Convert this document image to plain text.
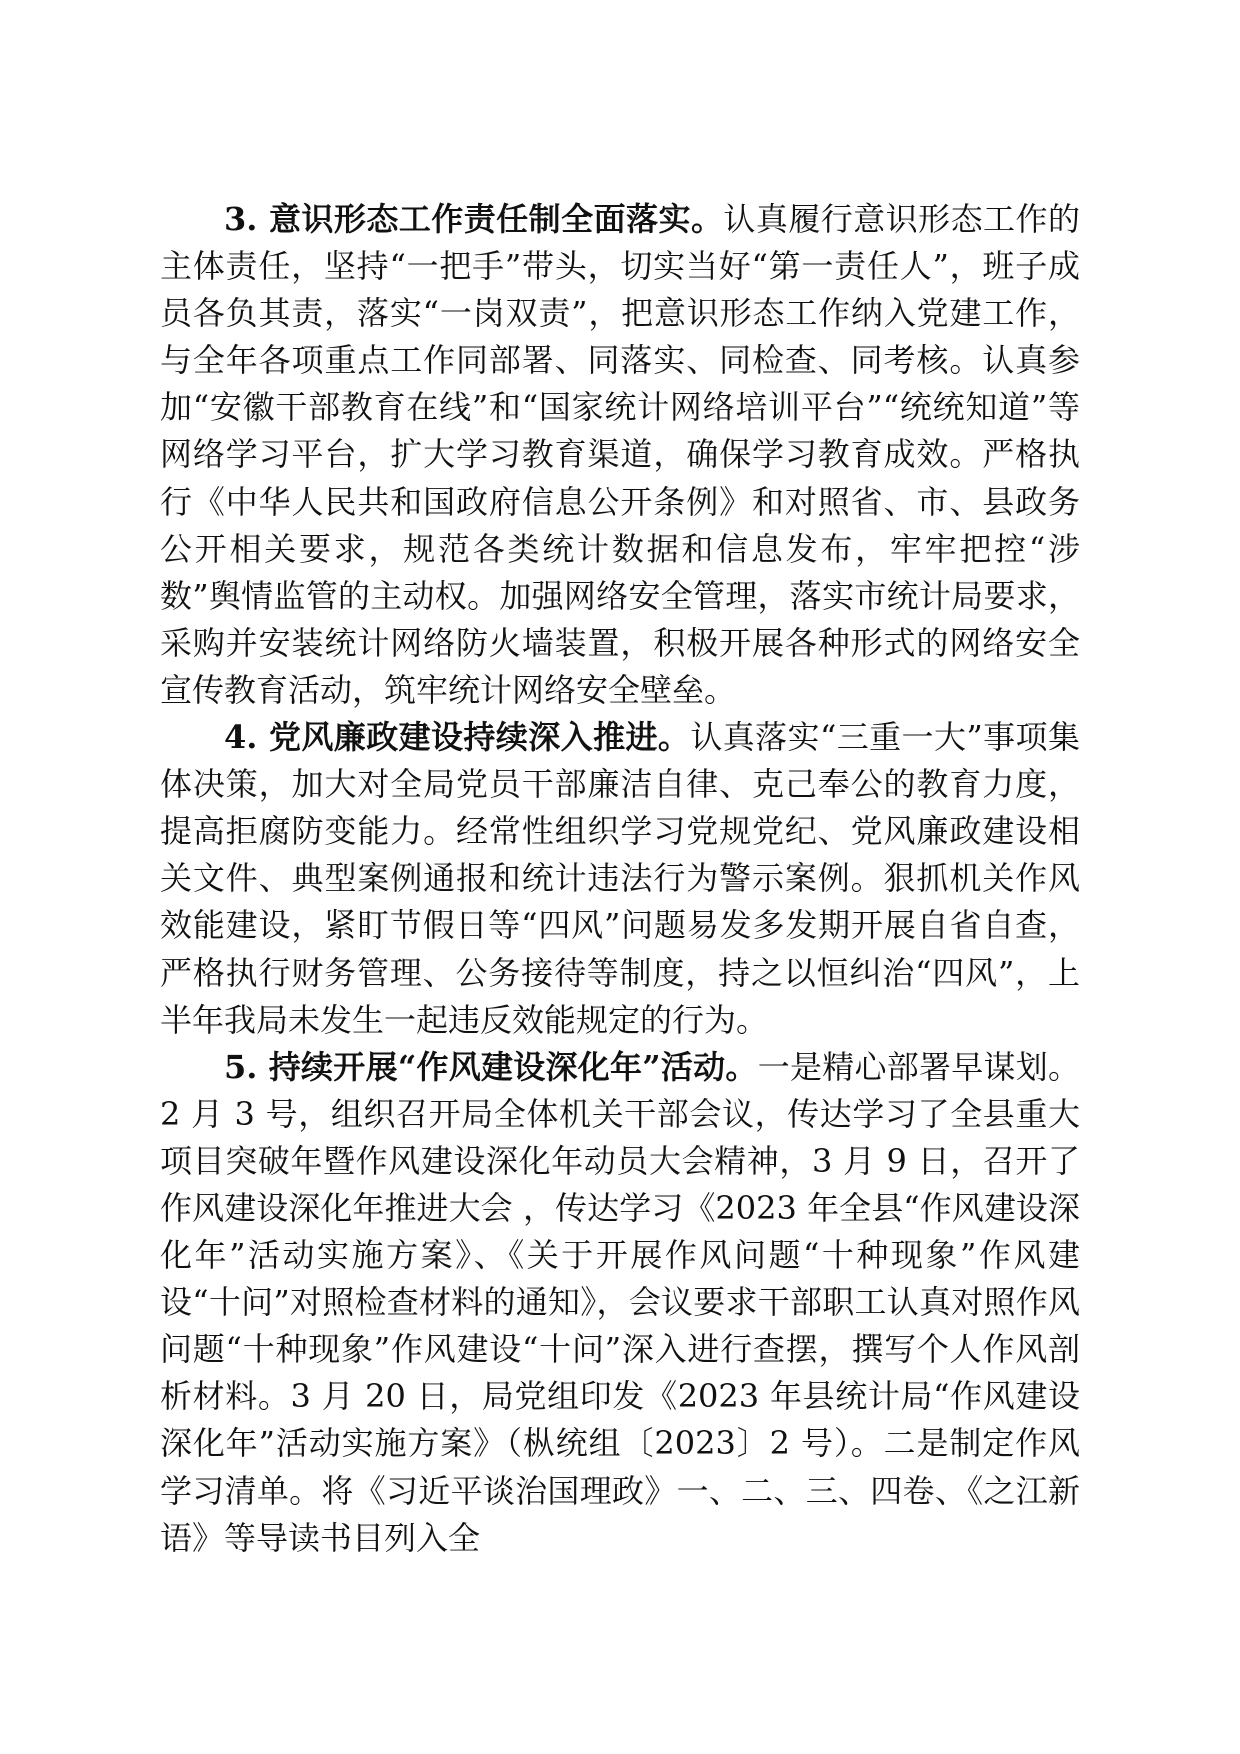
3. 意识形态工作责任制全面落实。认真履行意识形态工作的主体责任，坚持“一把手”带头，切实当好“第一责任人”，班子成员各负其责，落实“一岗双责”，把意识形态工作纳入党建工作，与全年各项重点工作同部署、同落实、同检查、同考核。认真参加“安徽干部教育在线”和“国家统计网络培训平台”“统统知道”等网络学习平台，扩大学习教育渠道，确保学习教育成效。严格执行《中华人民共和国政府信息公开条例》和对照省、市、县政务公开相关要求，规范各类统计数据和信息发布，牢牢把控“涉数”舆情监管的主动权。加强网络安全管理，落实市统计局要求，采购并安装统计网络防火墙装置，积极开展各种形式的网络安全宣传教育活动，筑牢统计网络安全壁垒。

4. 党风廉政建设持续深入推进。认真落实“三重一大”事项集体决策，加大对全局党员干部廉洁自律、克己奉公的教育力度，提高拒腐防变能力。经常性组织学习党规党纪、党风廉政建设相关文件、典型案例通报和统计违法行为警示案例。狠抓机关作风效能建设，紧盯节假日等“四风”问题易发多发期开展自省自查，严格执行财务管理、公务接待等制度，持之以恒纠治“四风”，上半年我局未发生一起违反效能规定的行为。

5. 持续开展“作风建设深化年”活动。一是精心部署早谋划。2 月 3 号，组织召开局全体机关干部会议，传达学习了全县重大项目突破年暨作风建设深化年动员大会精神，3 月 9 日，召开了作风建设深化年推进大会 ，传达学习《2023 年全县“作风建设深化年”活动实施方案》、《关于开展作风问题“十种现象”作风建设“十问”对照检查材料的通知》，会议要求干部职工认真对照作风问题“十种现象”作风建设“十问”深入进行查摆，撰写个人作风剖析材料。3 月 20 日，局党组印发《2023 年县统计局“作风建设深化年”活动实施方案》（枞统组〔2023〕2 号）。二是制定作风学习清单。将《习近平谈治国理政》一、二、三、四卷、《之江新语》等导读书目列入全
